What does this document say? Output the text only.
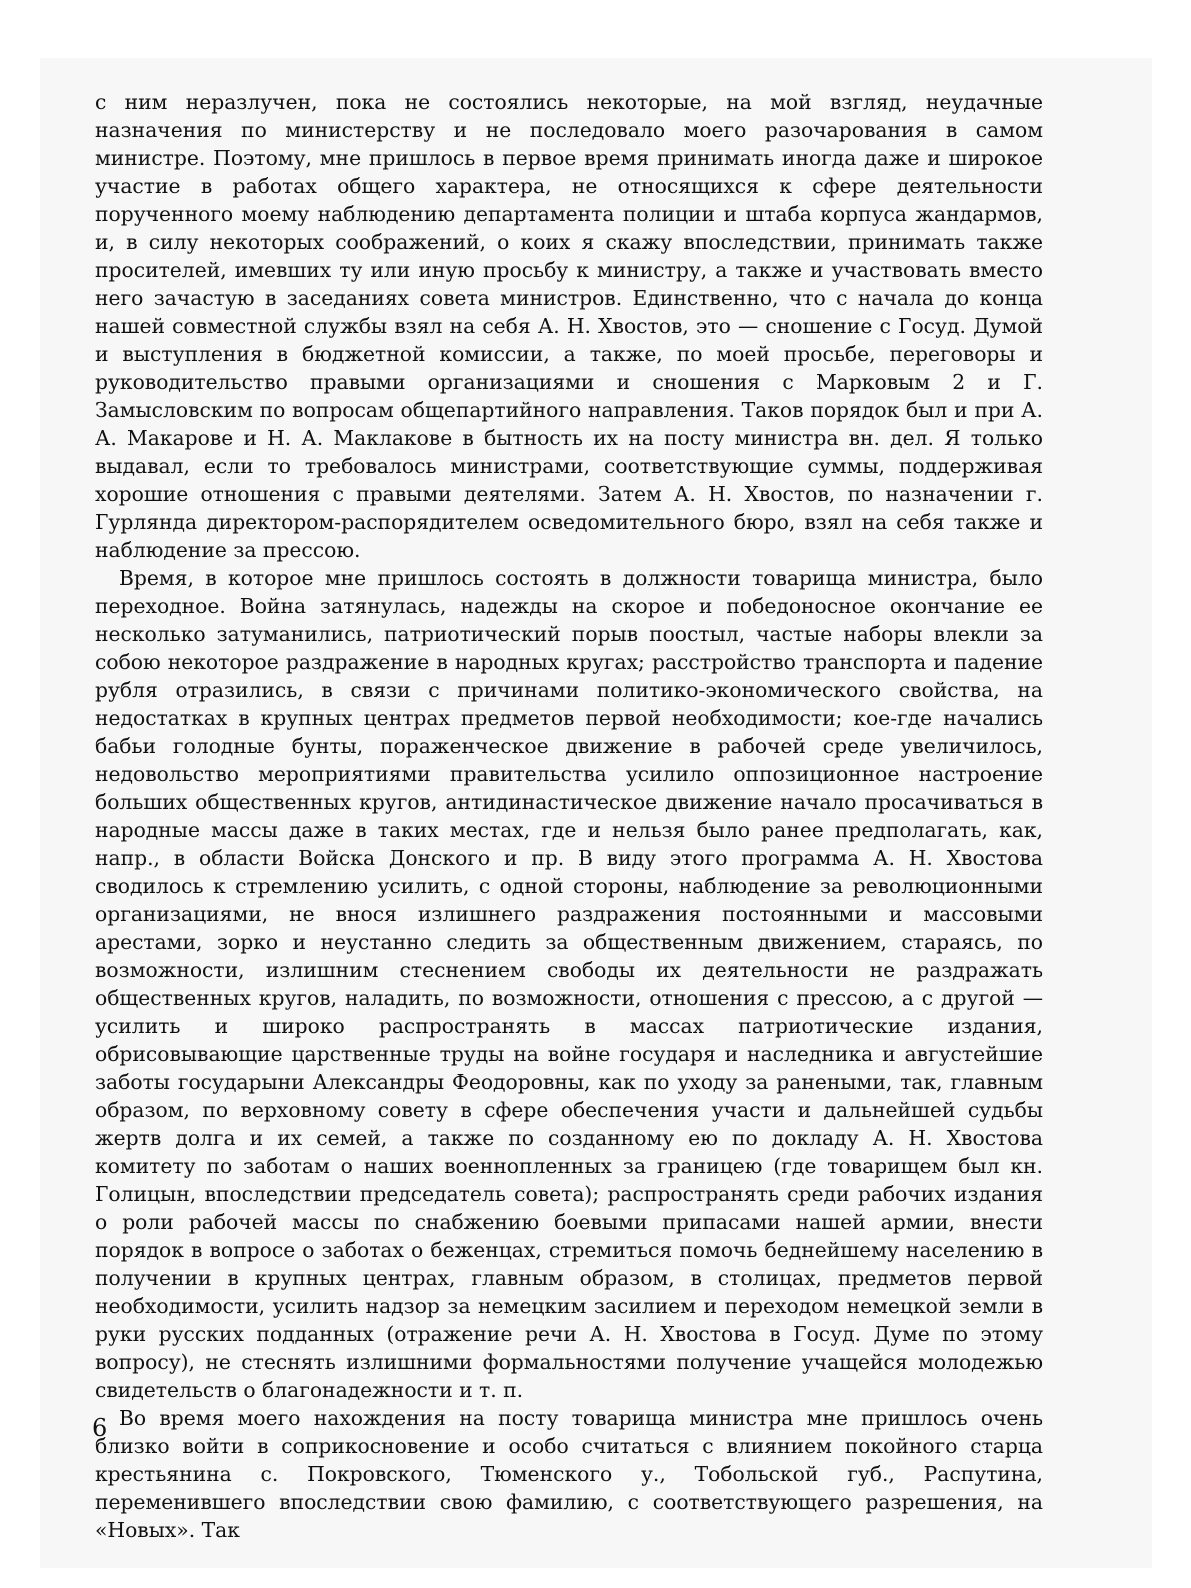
с ним неразлучен, пока не состоялись некоторые, на мой взгляд, неудачные назначения по министерству и не последовало моего разочарования в самом министре. Поэтому, мне пришлось в первое время принимать иногда даже и широкое участие в работах общего характера, не относящихся к сфере деятельности порученного моему наблюдению департамента полиции и штаба корпуса жандармов, и, в силу некоторых соображений, о коих я скажу впоследствии, принимать также просителей, имевших ту или иную просьбу к министру, а также и участвовать вместо него зачастую в заседаниях совета министров. Единственно, что с начала до конца нашей совместной службы взял на себя А. Н. Хвостов, это — сношение с Госуд. Думой и выступления в бюджетной комиссии, а также, по моей просьбе, переговоры и руководительство правыми организациями и сношения с Марковым 2 и Г. Замысловским по вопросам общепартийного направления. Таков порядок был и при А. А. Макарове и Н. А. Маклакове в бытность их на посту министра вн. дел. Я только выдавал, если то требовалось министрами, соответствующие суммы, поддерживая хорошие отношения с правыми деятелями. Затем А. Н. Хвостов, по назначении г. Гурлянда директором-распорядителем осведомительного бюро, взял на себя также и наблюдение за прессою.

Время, в которое мне пришлось состоять в должности товарища министра, было переходное. Война затянулась, надежды на скорое и победоносное окончание ее несколько затуманились, патриотический порыв поостыл, частые наборы влекли за собою некоторое раздражение в народных кругах; расстройство транспорта и падение рубля отразились, в связи с причинами политико-экономического свойства, на недостатках в крупных центрах предметов первой необходимости; кое-где начались бабьи голодные бунты, пораженческое движение в рабочей среде увеличилось, недовольство мероприятиями правительства усилило оппозиционное настроение больших общественных кругов, антидинастическое движение начало просачиваться в народные массы даже в таких местах, где и нельзя было ранее предполагать, как, напр., в области Войска Донского и пр. В виду этого программа А. Н. Хвостова сводилось к стремлению усилить, с одной стороны, наблюдение за революционными организациями, не внося излишнего раздражения постоянными и массовыми арестами, зорко и неустанно следить за общественным движением, стараясь, по возможности, излишним стеснением свободы их деятельности не раздражать общественных кругов, наладить, по возможности, отношения с прессою, а с другой — усилить и широко распространять в массах патриотические издания, обрисовывающие царственные труды на войне государя и наследника и августейшие заботы государыни Александры Феодоровны, как по уходу за ранеными, так, главным образом, по верховному совету в сфере обеспечения участи и дальнейшей судьбы жертв долга и их семей, а также по созданному ею по докладу А. Н. Хвостова комитету по заботам о наших военнопленных за границею (где товарищем был кн. Голицын, впоследствии председатель совета); распространять среди рабочих издания о роли рабочей массы по снабжению боевыми припасами нашей армии, внести порядок в вопросе о заботах о беженцах, стремиться помочь беднейшему населению в получении в крупных центрах, главным образом, в столицах, предметов первой необходимости, усилить надзор за немецким засилием и переходом немецкой земли в руки русских подданных (отражение речи А. Н. Хвостова в Госуд. Думе по этому вопросу), не стеснять излишними формальностями получение учащейся молодежью свидетельств о благонадежности и т. п.

Во время моего нахождения на посту товарища министра мне пришлось очень близко войти в соприкосновение и особо считаться с влиянием покойного старца крестьянина с. Покровского, Тюменского у., Тобольской губ., Распутина, переменившего впоследствии свою фамилию, с соответствующего разрешения, на «Новых». Так

6
